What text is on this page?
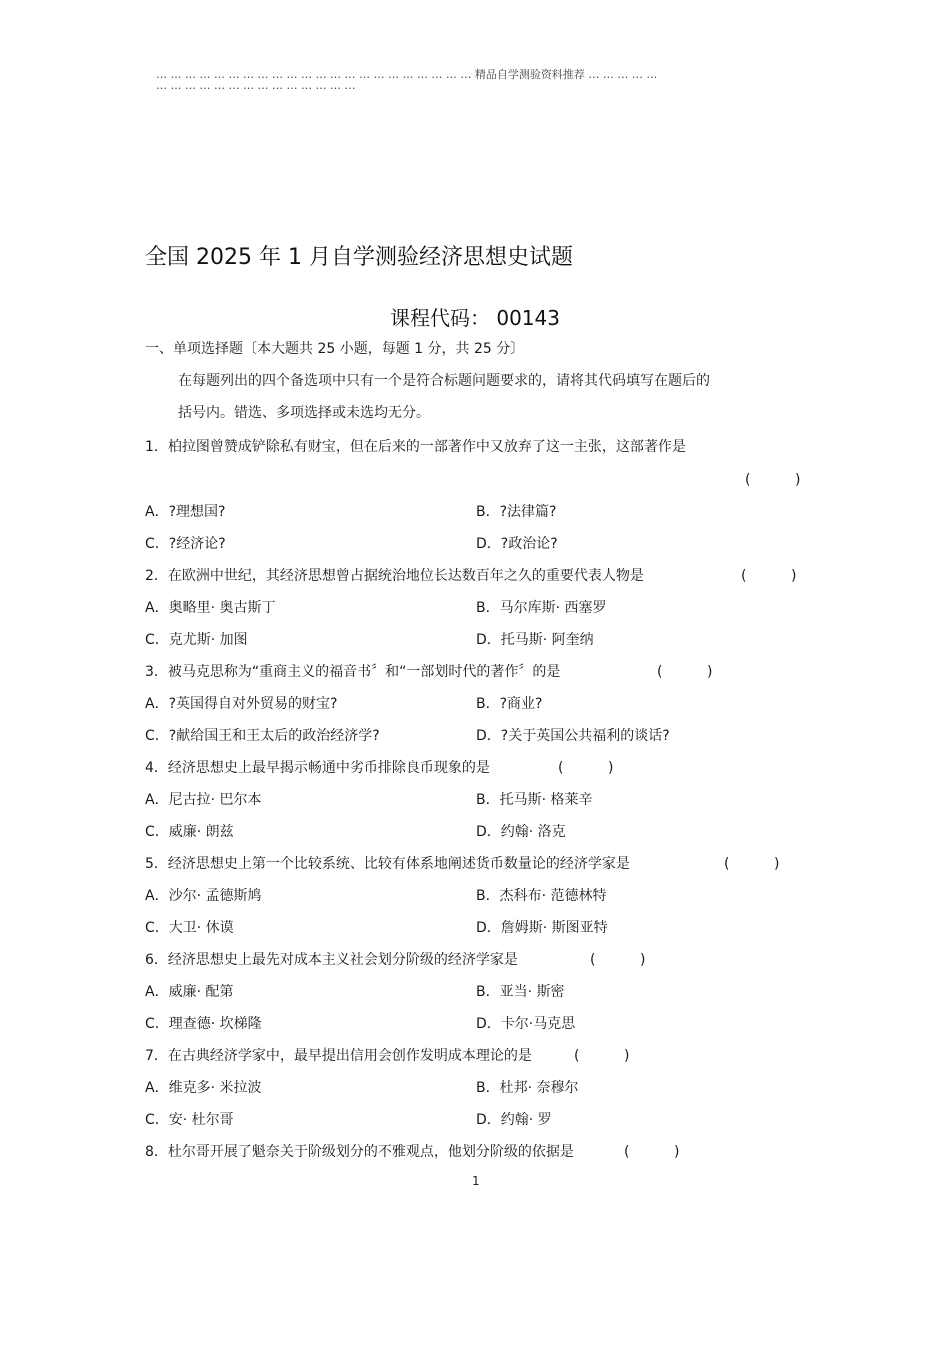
… … … … … … … … … … … … … … … … … … … … … … 精品自学测验资料推荐 … … … … …
… … … … … … … … … … … … … …
全国 2025 年 1 月自学测验经济思想史试题
课程代码： 00143
一、单项选择题〔本大题共 25 小题，每题 1 分，共 25 分〕
在每题列出的四个备选项中只有一个是符合标题问题要求的，请将其代码填写在题后的
括号内。错选、多项选择或未选均无分。
1．柏拉图曾赞成铲除私有财宝，但在后来的一部著作中又放弃了这一主张，这部著作是
(          )
A．?理想国?	B．?法律篇?
C．?经济论?	D．?政治论?
2．在欧洲中世纪，其经济思想曾占据统治地位长达数百年之久的重要代表人物是	(          )
A．奥略里· 奥古斯丁	B．马尔库斯· 西塞罗
C．克尤斯· 加图	D．托马斯· 阿奎纳
3．被马克思称为“重商主义的福音书〞和“一部划时代的著作〞的是	(          )
A．?英国得自对外贸易的财宝?	B．?商业?
C．?献给国王和王太后的政治经济学?	D．?关于英国公共福利的谈话?
4．经济思想史上最早揭示畅通中劣币排除良币现象的是	(          )
A．尼古拉· 巴尔本	B．托马斯· 格莱辛
C．威廉· 朗兹	D．约翰· 洛克
5．经济思想史上第一个比较系统、比较有体系地阐述货币数量论的经济学家是	(          )
A．沙尔· 孟德斯鸠	B．杰科布· 范德林特
C．大卫· 休谟	D．詹姆斯· 斯图亚特
6．经济思想史上最先对成本主义社会划分阶级的经济学家是	(          )
A．威廉· 配第	B．亚当· 斯密
C．理查德· 坎梯隆	D．卡尔·马克思
7．在古典经济学家中，最早提出信用会创作发明成本理论的是	(          )
A．维克多· 米拉波	B．杜邦· 奈穆尔
C．安· 杜尔哥	D．约翰· 罗
8．杜尔哥开展了魁奈关于阶级划分的不雅观点，他划分阶级的依据是	(          )
1
